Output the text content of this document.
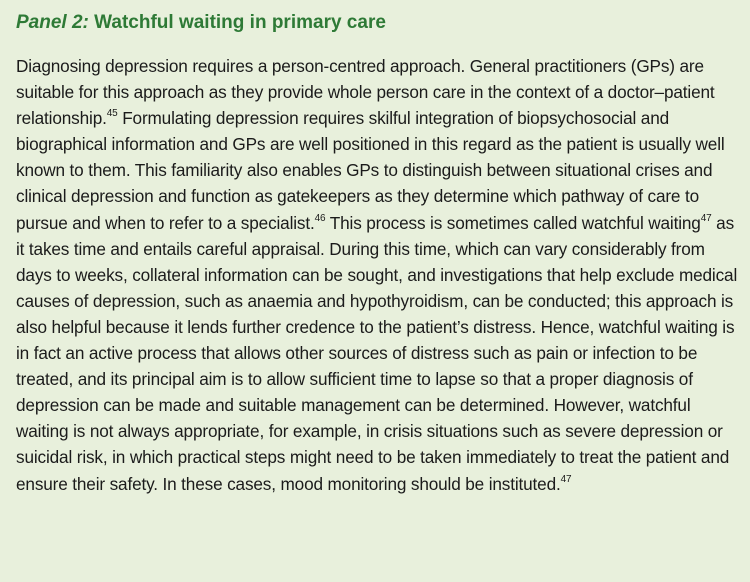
Panel 2: Watchful waiting in primary care

Diagnosing depression requires a person-centred approach. General practitioners (GPs) are suitable for this approach as they provide whole person care in the context of a doctor–patient relationship.$^{45}$ Formulating depression requires skilful integration of biopsychosocial and biographical information and GPs are well positioned in this regard as the patient is usually well known to them. This familiarity also enables GPs to distinguish between situational crises and clinical depression and function as gatekeepers as they determine which pathway of care to pursue and when to refer to a specialist.$^{46}$ This process is sometimes called watchful waiting$^{47}$ as it takes time and entails careful appraisal. During this time, which can vary considerably from days to weeks, collateral information can be sought, and investigations that help exclude medical causes of depression, such as anaemia and hypothyroidism, can be conducted; this approach is also helpful because it lends further credence to the patient’s distress. Hence, watchful waiting is in fact an active process that allows other sources of distress such as pain or infection to be treated, and its principal aim is to allow sufficient time to lapse so that a proper diagnosis of depression can be made and suitable management can be determined. However, watchful waiting is not always appropriate, for example, in crisis situations such as severe depression or suicidal risk, in which practical steps might need to be taken immediately to treat the patient and ensure their safety. In these cases, mood monitoring should be instituted.$^{47}$
